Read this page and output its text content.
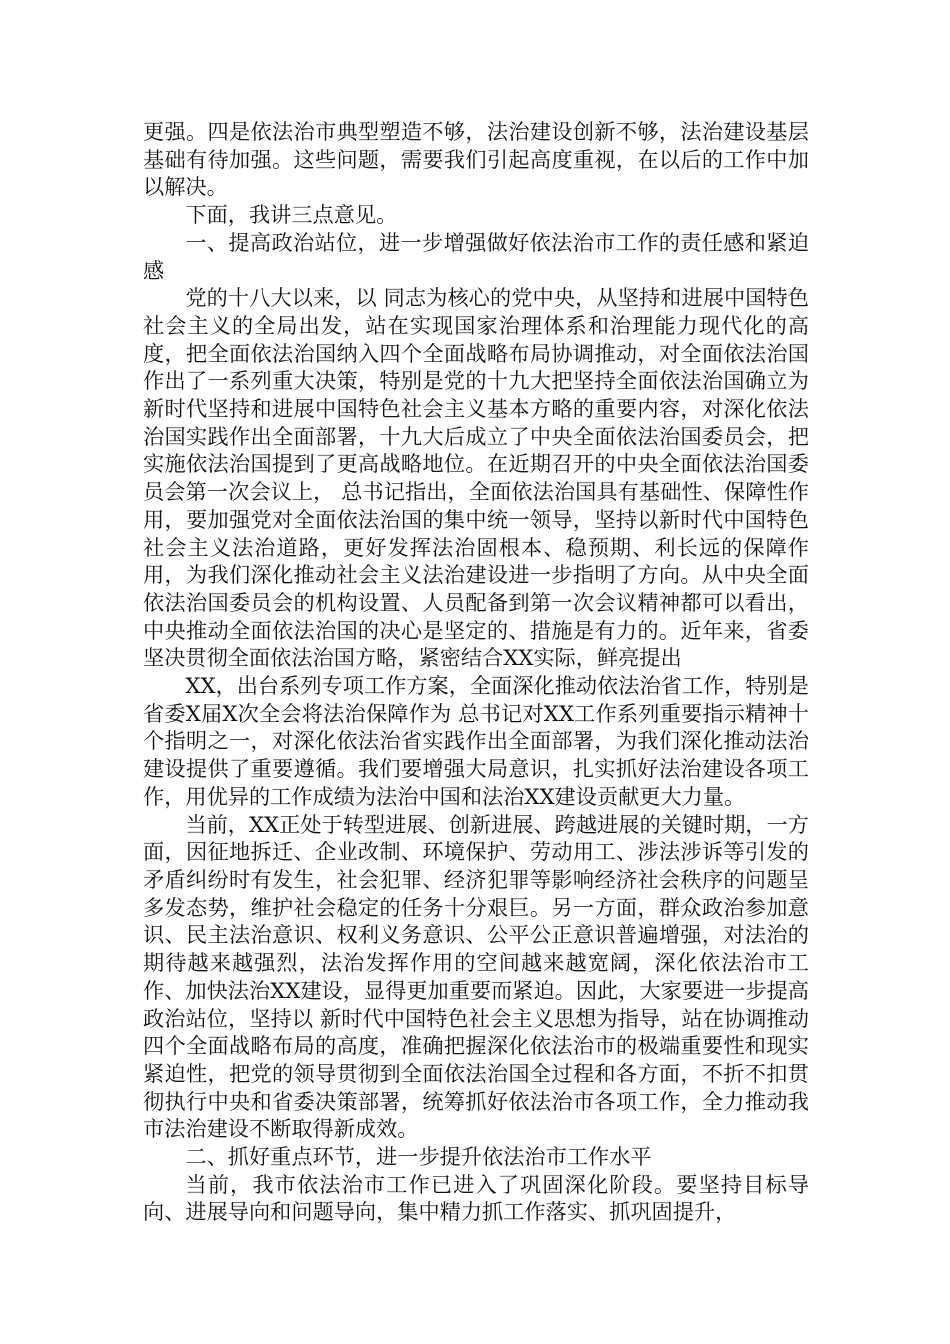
更强。四是依法治市典型塑造不够，法治建设创新不够，法治建设基层基础有待加强。这些问题，需要我们引起高度重视，在以后的工作中加以解决。

下面，我讲三点意见。

一、提高政治站位，进一步增强做好依法治市工作的责任感和紧迫感

党的十八大以来，以 同志为核心的党中央，从坚持和进展中国特色社会主义的全局出发，站在实现国家治理体系和治理能力现代化的高度，把全面依法治国纳入四个全面战略布局协调推动，对全面依法治国作出了一系列重大决策，特别是党的十九大把坚持全面依法治国确立为新时代坚持和进展中国特色社会主义基本方略的重要内容，对深化依法治国实践作出全面部署，十九大后成立了中央全面依法治国委员会，把实施依法治国提到了更高战略地位。在近期召开的中央全面依法治国委员会第一次会议上， 总书记指出，全面依法治国具有基础性、保障性作用，要加强党对全面依法治国的集中统一领导，坚持以新时代中国特色社会主义法治道路，更好发挥法治固根本、稳预期、利长远的保障作用，为我们深化推动社会主义法治建设进一步指明了方向。从中央全面依法治国委员会的机构设置、人员配备到第一次会议精神都可以看出，中央推动全面依法治国的决心是坚定的、措施是有力的。近年来，省委坚决贯彻全面依法治国方略，紧密结合XX实际，鲜亮提出

XX，出台系列专项工作方案，全面深化推动依法治省工作，特别是省委X届X次全会将法治保障作为 总书记对XX工作系列重要指示精神十个指明之一，对深化依法治省实践作出全面部署，为我们深化推动法治建设提供了重要遵循。我们要增强大局意识，扎实抓好法治建设各项工作，用优异的工作成绩为法治中国和法治XX建设贡献更大力量。

当前，XX正处于转型进展、创新进展、跨越进展的关键时期，一方面，因征地拆迁、企业改制、环境保护、劳动用工、涉法涉诉等引发的矛盾纠纷时有发生，社会犯罪、经济犯罪等影响经济社会秩序的问题呈多发态势，维护社会稳定的任务十分艰巨。另一方面，群众政治参加意识、民主法治意识、权利义务意识、公平公正意识普遍增强，对法治的期待越来越强烈，法治发挥作用的空间越来越宽阔，深化依法治市工作、加快法治XX建设，显得更加重要而紧迫。因此，大家要进一步提高政治站位，坚持以 新时代中国特色社会主义思想为指导，站在协调推动四个全面战略布局的高度，准确把握深化依法治市的极端重要性和现实紧迫性，把党的领导贯彻到全面依法治国全过程和各方面，不折不扣贯彻执行中央和省委决策部署，统筹抓好依法治市各项工作，全力推动我市法治建设不断取得新成效。

二、抓好重点环节，进一步提升依法治市工作水平

当前，我市依法治市工作已进入了巩固深化阶段。要坚持目标导向、进展导向和问题导向，集中精力抓工作落实、抓巩固提升，
